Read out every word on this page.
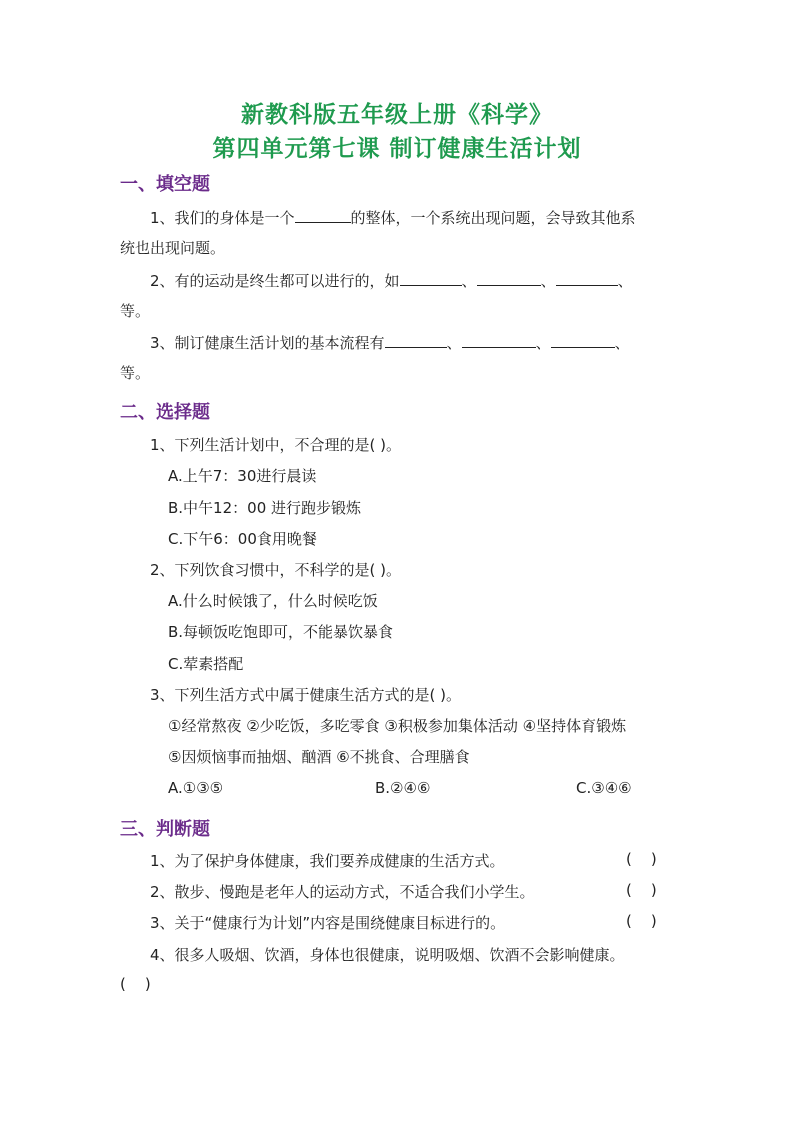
新教科版五年级上册《科学》
第四单元第七课 制订健康生活计划
一、填空题
1、我们的身体是一个	的整体，一个系统出现问题，会导致其他系
统也出现问题。
2、有的运动是终生都可以进行的，如	、	、	、
等。
3、制订健康生活计划的基本流程有	、	、	、
等。
二、选择题
1、下列生活计划中，不合理的是( )。
A.上午7：30进行晨读
B.中午12：00 进行跑步锻炼
C.下午6：00食用晚餐
2、下列饮食习惯中，不科学的是( )。
A.什么时候饿了，什么时候吃饭
B.每顿饭吃饱即可，不能暴饮暴食
C.荤素搭配
3、下列生活方式中属于健康生活方式的是( )。
①经常熬夜 ②少吃饭，多吃零食 ③积极参加集体活动 ④坚持体育锻炼
⑤因烦恼事而抽烟、酗酒 ⑥不挑食、合理膳食
A.①③⑤	B.②④⑥	C.③④⑥
三、判断题
1、为了保护身体健康，我们要养成健康的生活方式。	(    )
2、散步、慢跑是老年人的运动方式，不适合我们小学生。	(    )
3、关于“健康行为计划”内容是围绕健康目标进行的。	(    )
4、很多人吸烟、饮酒，身体也很健康，说明吸烟、饮酒不会影响健康。
(    )
